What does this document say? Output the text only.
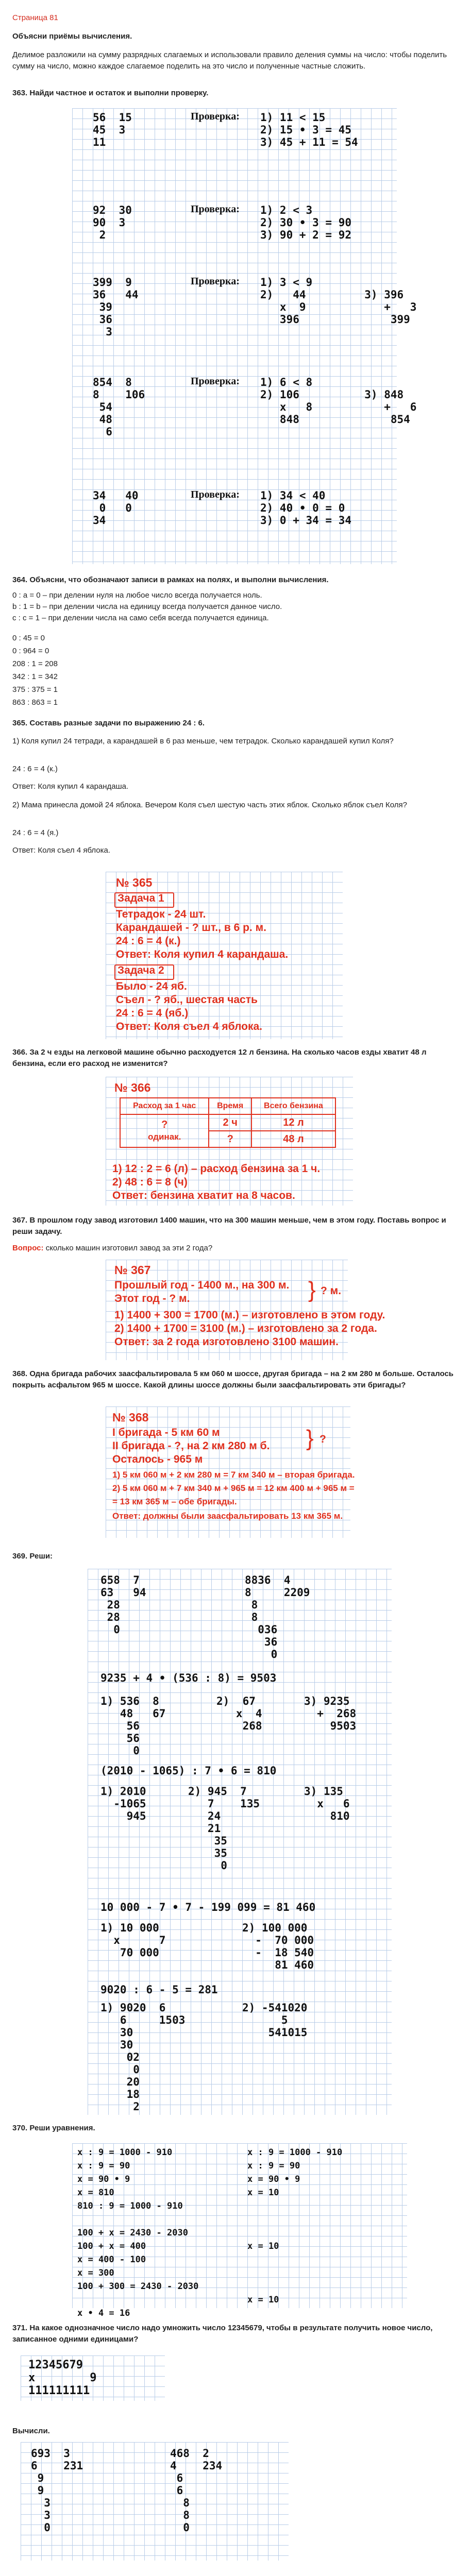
Страница 81
Объясни приёмы вычисления.
Делимое разложили на сумму разрядных слагаемых и использовали правило деления суммы на число: чтобы поделить сумму на число, можно каждое слагаемое поделить на это число и полученные частные сложить.
363. Найди частное и остаток и выполни проверку.
56  15
45  3
11
Проверка: 1) 11 < 15
2) 15 • 3 = 45
3) 45 + 11 = 54
92  30
90  3
2
Проверка: 1) 2 < 3
2) 30 • 3 = 90
3) 90 + 2 = 92
399  9
36   44
39
36
3
Проверка: 1) 3 < 9
2)   44         3) 396
x  9            +   3
396              399
854  8
8    106
54
48
6
Проверка: 1) 6 < 8
2) 106          3) 848
x   8           +   6
848              854
34   40
0   0
34
Проверка: 1) 34 < 40
2) 40 • 0 = 0
3) 0 + 34 = 34
364. Объясни, что обозначают записи в рамках на полях, и выполни вычисления.
0 : a = 0 – при делении нуля на любое число всегда получается ноль.
b : 1 = b – при делении числа на единицу всегда получается данное число.
c : c = 1 – при делении числа на само себя всегда получается единица.
0 : 45 = 0
0 : 964 = 0
208 : 1 = 208
342 : 1 = 342
375 : 375 = 1
863 : 863 = 1
365. Составь разные задачи по выражению 24 : 6.
1) Коля купил 24 тетради, а карандашей в 6 раз меньше, чем тетрадок. Сколько карандашей купил Коля?
24 : 6 = 4 (к.)
Ответ: Коля купил 4 карандаша.
2) Мама принесла домой 24 яблока. Вечером Коля съел шестую часть этих яблок. Сколько яблок съел Коля?
24 : 6 = 4 (я.)
Ответ: Коля съел 4 яблока.
№ 365
Задача 1
Тетрадок - 24 шт.
Карандашей - ? шт., в 6 р. м.
24 : 6 = 4 (к.)
Ответ: Коля купил 4 карандаша.
Задача 2
Было - 24 яб.
Съел - ? яб., шестая часть
24 : 6 = 4 (яб.)
Ответ: Коля съел 4 яблока.
366. За 2 ч езды на легковой машине обычно расходуется 12 л бензина. На сколько часов езды хватит 48 л бензина, если его расход не изменится?
№ 366
Расход за 1 час	Время	Всего бензина
?
одинак.	2 ч	12 л
	?	48 л
1) 12 : 2 = 6 (л) – расход бензина за 1 ч.
2) 48 : 6 = 8 (ч)
Ответ: бензина хватит на 8 часов.
367. В прошлом году завод изготовил 1400 машин, что на 300 машин меньше, чем в этом году. Поставь вопрос и реши задачу.
Вопрос: сколько машин изготовил завод за эти 2 года?
№ 367
Прошлый год - 1400 м., на 300 м.
Этот год - ? м.	} ? м.
1) 1400 + 300 = 1700 (м.) – изготовлено в этом году.
2) 1400 + 1700 = 3100 (м.) – изготовлено за 2 года.
Ответ: за 2 года изготовлено 3100 машин.
368. Одна бригада рабочих заасфальтировала 5 км 060 м шоссе, другая бригада – на 2 км 280 м больше. Осталось покрыть асфальтом 965 м шоссе. Какой длины шоссе должны были заасфальтировать эти бригады?
№ 368
I бригада - 5 км 60 м
II бригада - ?, на 2 км 280 м б.
Осталось - 965 м
} ?
1) 5 км 060 м + 2 км 280 м = 7 км 340 м – вторая бригада.
2) 5 км 060 м + 7 км 340 м + 965 м = 12 км 400 м + 965 м =
= 13 км 365 м – обе бригады.
Ответ: должны были заасфальтировать 13 км 365 м.
369. Реши:
658  7
63   94
28
28
0
8836  4
8     2209
8
8
036
36
0
9235 + 4 • (536 : 8) = 9503
1) 536  8
48   67
56
56
0
2)  67
x  4
268
3) 9235
+  268
9503
(2010 - 1065) : 7 • 6 = 810
1) 2010
-1065
945
2) 945  7
7    135
24
21
35
35
0
3) 135
x   6
810
10 000 - 7 • 7 - 199 099 = 81 460
1) 10 000
x      7
70 000
2) 100 000
-  70 000
-  18 540
81 460
9020 : 6 - 5 = 281
1) 9020  6
6     1503
30
30
02
0
20
18
2
2) -541020
5
541015
370. Реши уравнения.
x : 9 = 1000 - 910
x : 9 = 90
x = 90 • 9
x = 810
810 : 9 = 1000 - 910

100 + x = 2430 - 2030
100 + x = 400
x = 400 - 100
x = 300
100 + 300 = 2430 - 2030

x • 4 = 16
x : 9 = 1000 - 910
x : 9 = 90
x = 90 • 9
x = 10

x = 10

x = 10
371. На какое однозначное число надо умножить число 12345679, чтобы в результате получить новое число, записанное одними единицами?
12345679
x        9
111111111
Вычисли.
693  3
6    231
9
9
3
3
0
468  2
4    234
6
6
8
8
0
